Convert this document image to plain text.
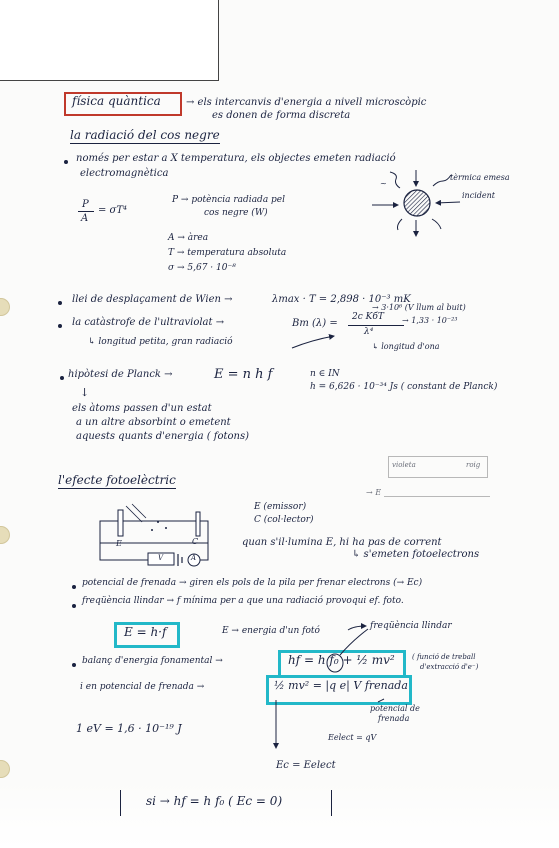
física quàntica	→ els intercanvis d'energia a nivell microscòpic
es donen de forma discreta
la radiació del cos negre
només per estar a X temperatura, els objectes emeten radiació
electromagnètica
P
A
= σT⁴
P → potència radiada pel
cos negre (W)
A → àrea
T → temperatura absoluta
σ → 5,67 · 10⁻⁸
~
tèrmica emesa
incident
llei de desplaçament de Wien →	λmax · T = 2,898 · 10⁻³ mK
→ 3·10⁶ (V llum al buit)
la catàstrofe de l'ultraviolat →	Bт (λ) =
2c KбT
λ⁴
→ 1,33 · 10⁻²³
↳ longitud d'ona
↳ longitud petita, gran radiació
hipòtesi de Planck →	E = n h f	n ∈ IN
h = 6,626 · 10⁻³⁴ Js ( constant de Planck)
↓
els àtoms passen d'un estat
a un altre absorbint o emetent
aquests quants d'energia ( fotons)
l'efecte fotoelèctric
violeta	roig
→ E
E	C
V	A
E (emissor)
C (col·lector)
quan s'il·lumina E, hi ha pas de corrent
↳ s'emeten fotoelectrons
potencial de frenada → giren els pols de la pila per frenar electrons (→ Ec)
freqüència llindar → f mínima per a que una radiació provoqui ef. foto.
E = h·f	E → energia d'un fotó	freqüència llindar
balanç d'energia fonamental →	hf = h f₀ + ½ mv² ( funció de treball
d'extracció d'e⁻)
i en potencial de frenada →	½ mv² = |q e| V frenada
potencial de
frenada
1 eV = 1,6 · 10⁻¹⁹ J
Eelect = qV
Ec = Eelect
si → hf = h f₀ ( Ec = 0)
